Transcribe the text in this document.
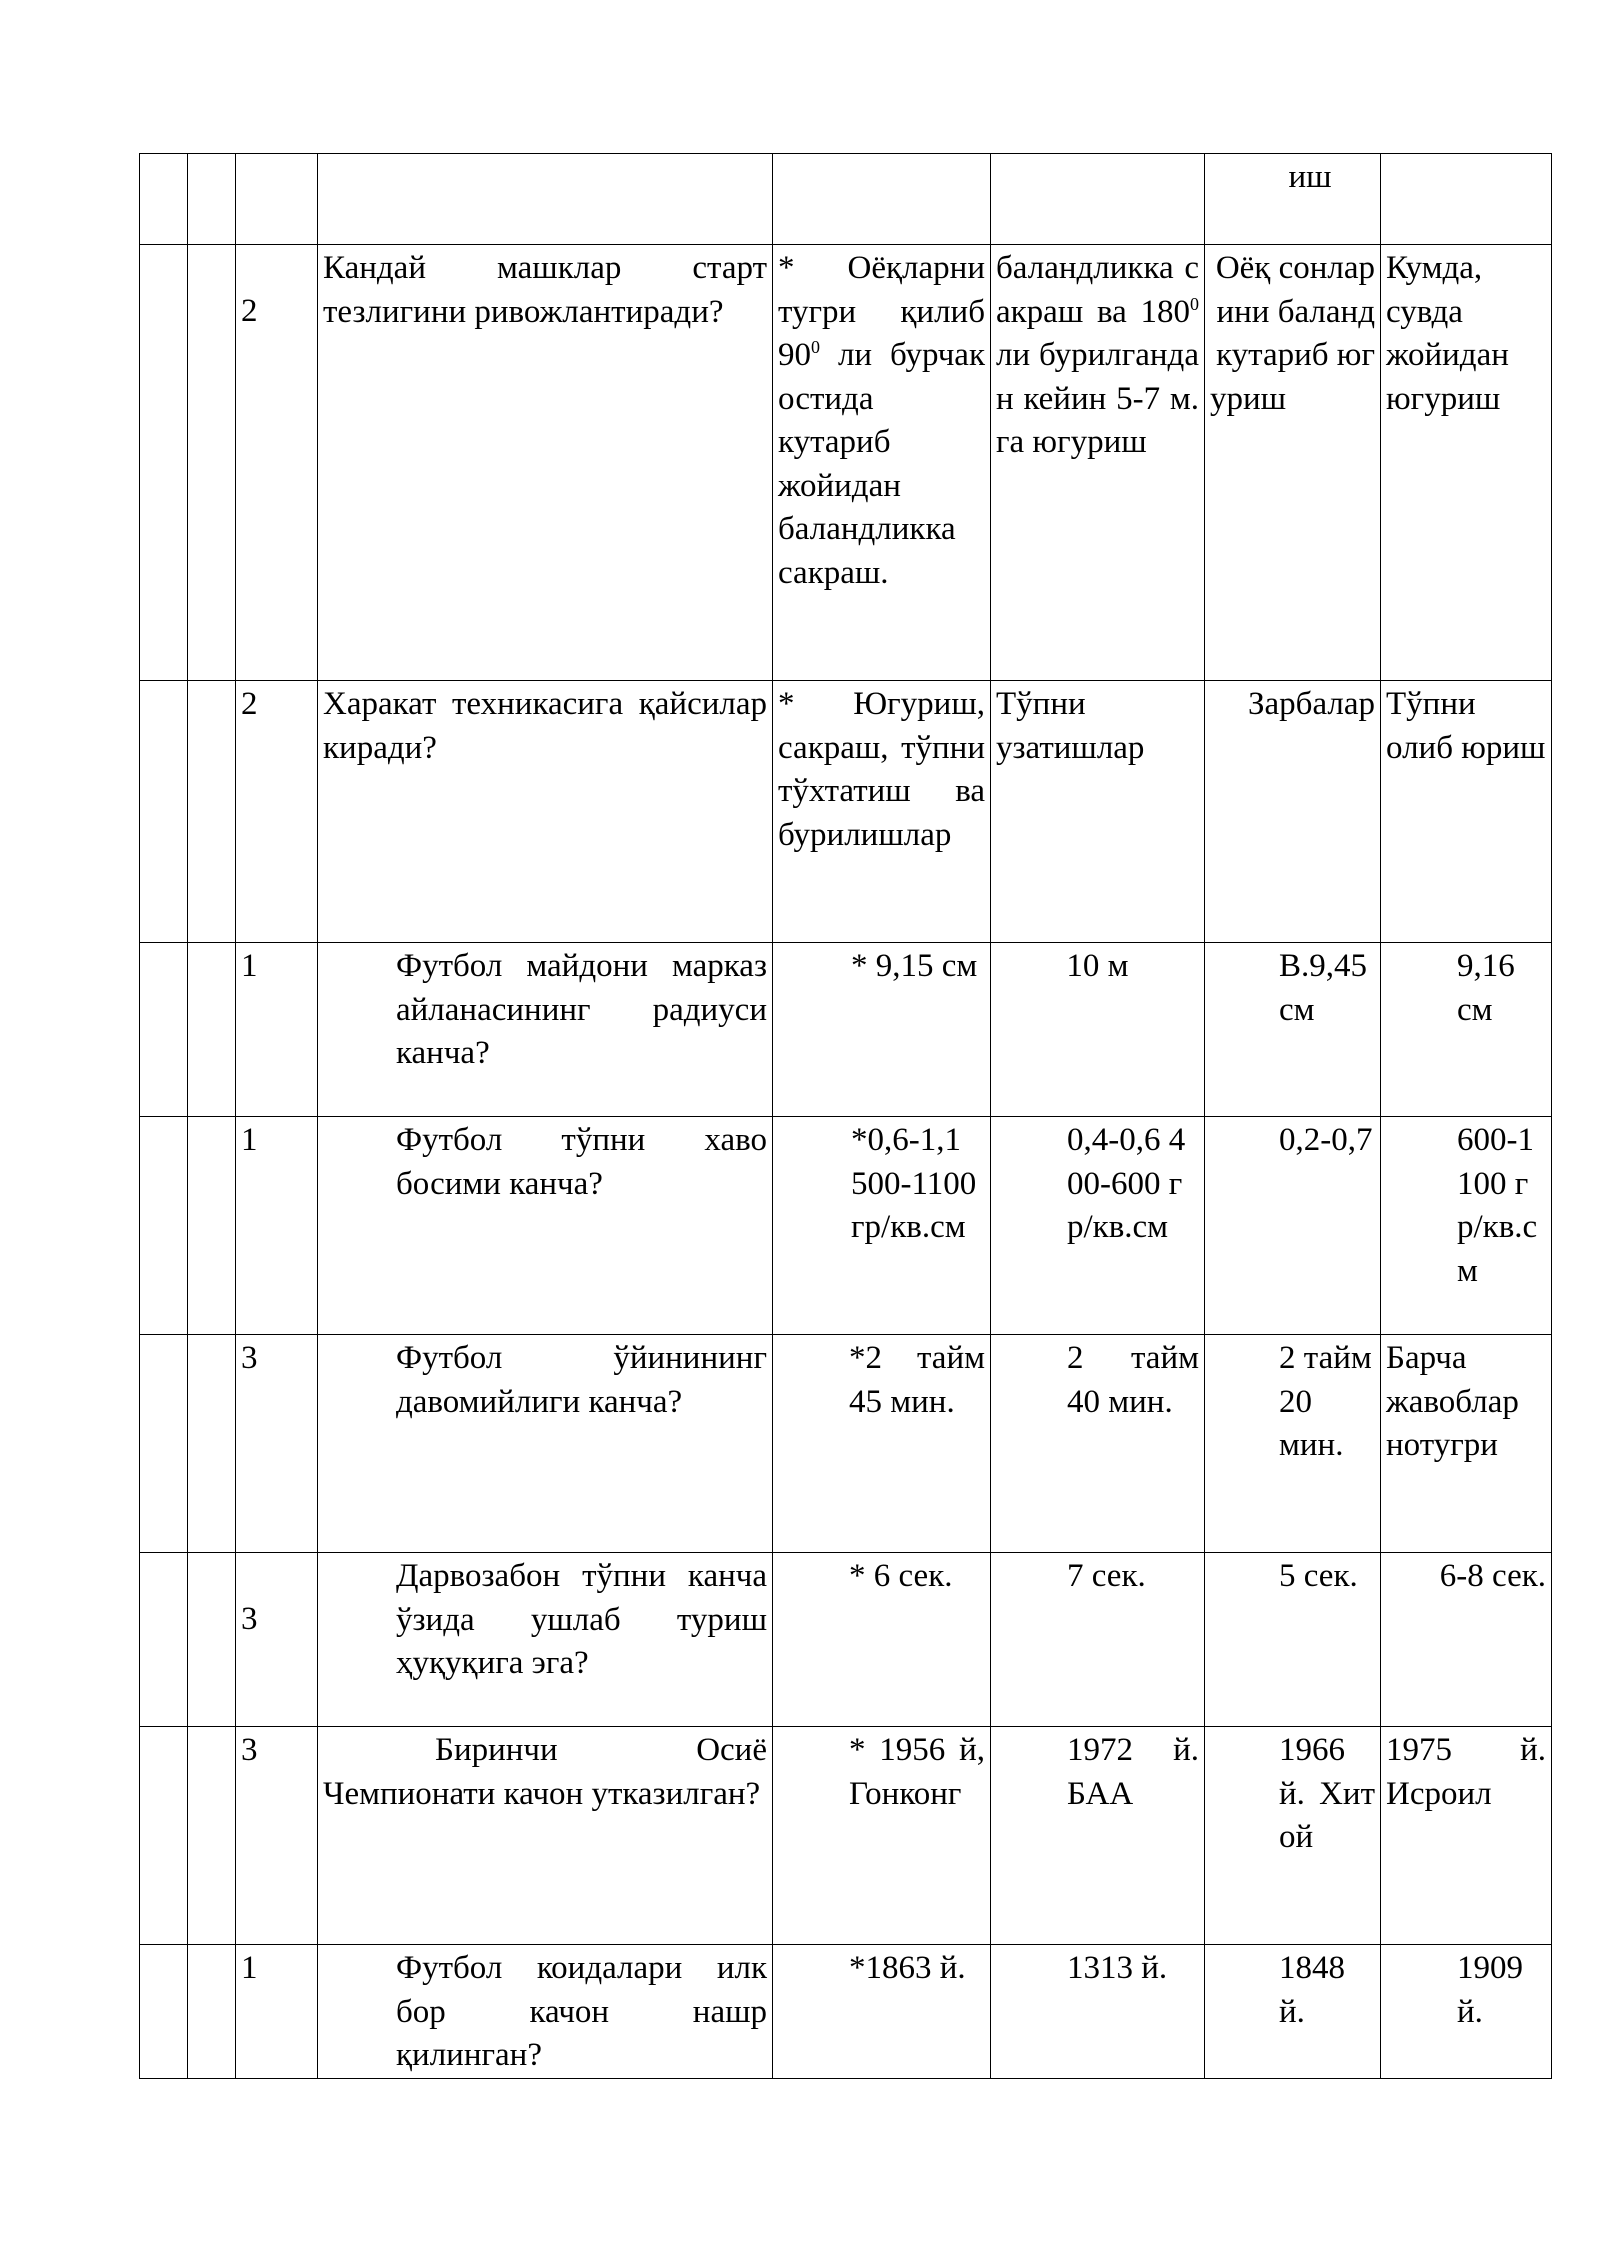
						иш	
		2	Кандай машклар старт тезлигини ривожлантиради?	* Оёқларни тугри қилиб $90^0$ ли бурчак остида кутариб жойидан баландликка сакраш.	баландликка сакраш ва $180^0$ ли бурилгандан кейин 5-7 м. га югуриш	Оёқ сонларини баланд кутариб югуриш	Кумда, сувда жойидан югуриш
		2	Харакат техникасига қайсилар киради?	* Югуриш, сакраш, тўпни тўхтатиш ва бурилишлар	Тўпни узатишлар	Зарбалар	Тўпни олиб юриш
		1	Футбол майдони марказ айланасининг радиуси канча?	* 9,15 см	10 м	В.9,45 см	9,16 см
		1	Футбол тўпни хаво босими канча?	*0,6-1,1 500-1100 гр/кв.см	0,4-0,6 400-600 гр/кв.см	0,2-0,7	600-1100 гр/кв.см
		3	Футбол ўйинининг давомийлиги канча?	*2 тайм 45 мин.	2 тайм 40 мин.	2 тайм 20 мин.	Барча жавоблар нотугри
		3	Дарвозабон тўпни канча ўзида ушлаб туриш ҳуқуқига эга?	* 6 сек.	7 сек.	5 сек.	6-8 сек.
		3	Биринчи Осиё Чемпионати качон утказилган?	* 1956 й, Гонконг	1972 й. БАА	1966 й. Хитой	1975 й. Исроил
		1	Футбол коидалари илк бор качон нашр қилинган?	*1863 й.	1313 й.	1848 й.	1909 й.
